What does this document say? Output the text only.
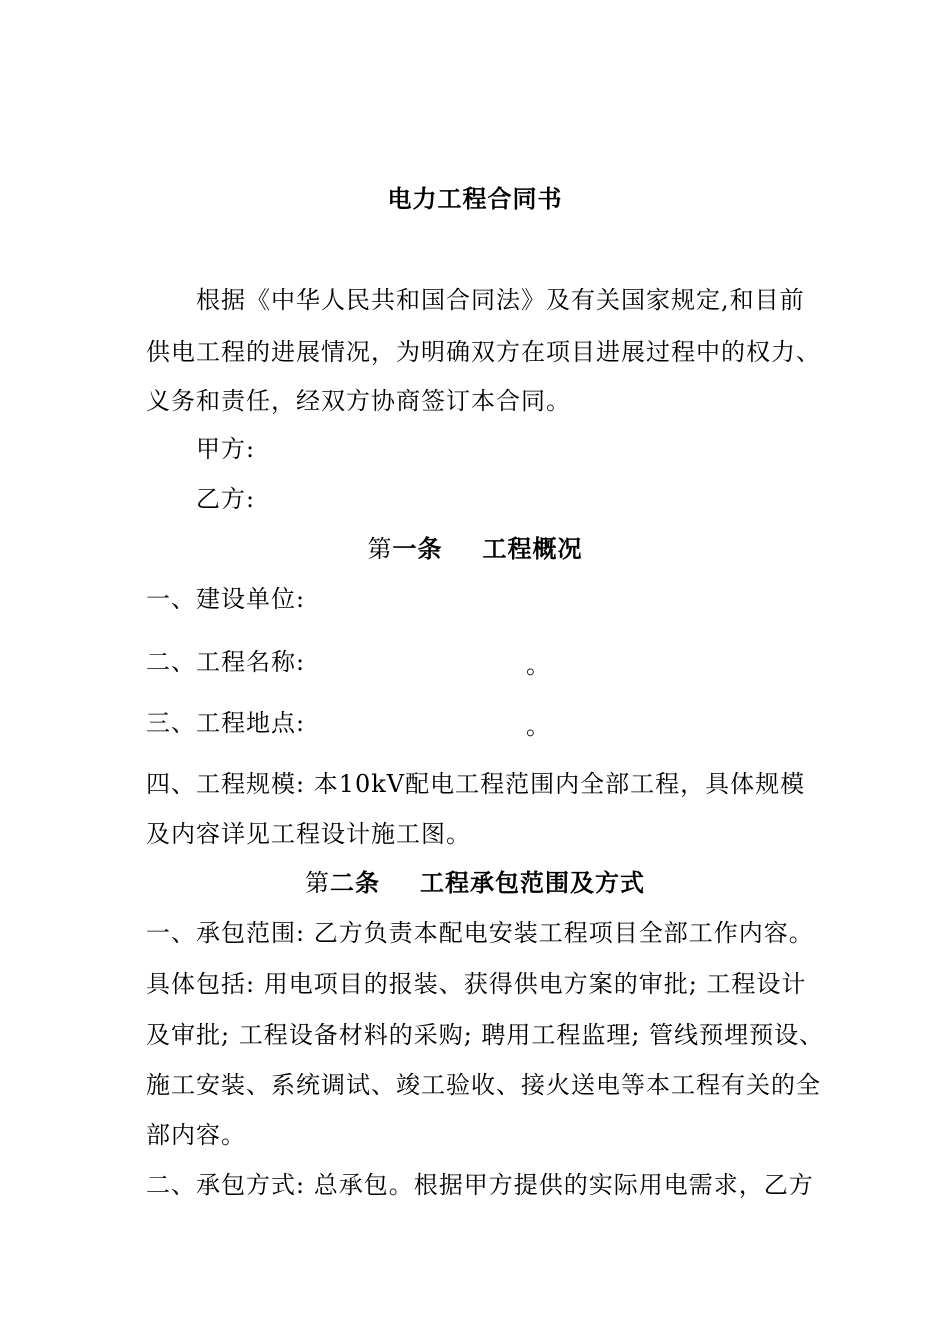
电力工程合同书
根据《中华人民共和国合同法》及有关国家规定,和目前
供电工程的进展情况，为明确双方在项目进展过程中的权力、
义务和责任，经双方协商签订本合同。
甲方:
乙方:
第一条 工程概况
一、建设单位:
二、工程名称:	。
三、工程地点:	。
四、工程规模: 本10kV配电工程范围内全部工程，具体规模
及内容详见工程设计施工图。
第二条 工程承包范围及方式
一、承包范围: 乙方负责本配电安装工程项目全部工作内容。
具体包括: 用电项目的报装、获得供电方案的审批; 工程设计
及审批; 工程设备材料的采购; 聘用工程监理; 管线预埋预设、
施工安装、系统调试、竣工验收、接火送电等本工程有关的全
部内容。
二、承包方式: 总承包。根据甲方提供的实际用电需求，乙方
